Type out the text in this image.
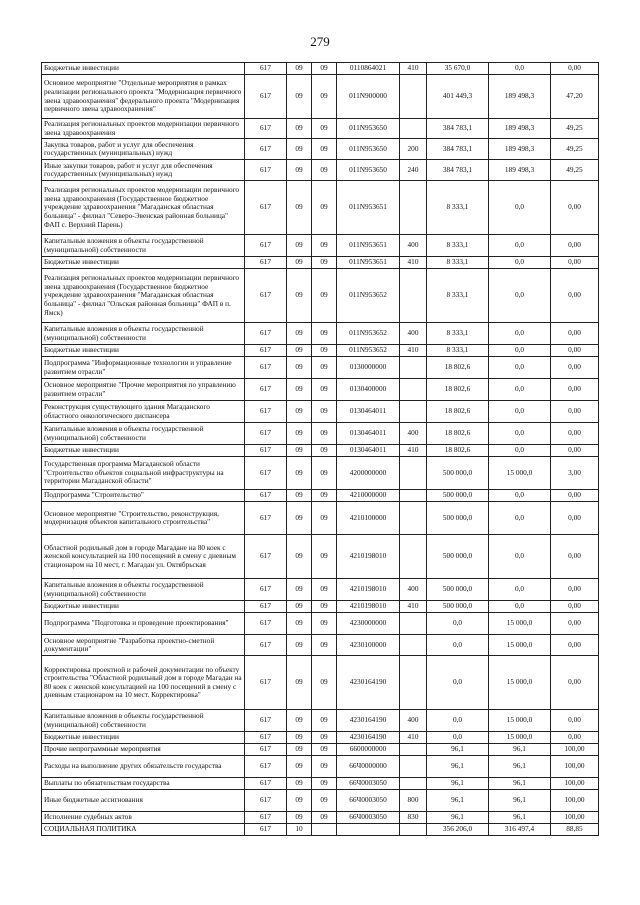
279
Бюджетные инвестиции	617	09	09	0110864021	410	35 670,0	0,0	0,00
Основное мероприятие "Отдельные мероприятия в рамках реализации регионального проекта "Модернизация первичного звена здравоохранения" федерального проекта "Модернизация первичного звена здравоохранения"	617	09	09	011N900000		401 449,3	189 498,3	47,20
Реализация региональных проектов модернизации первичного звена здравоохранения	617	09	09	011N953650		384 783,1	189 498,3	49,25
Закупка товаров, работ и услуг для обеспечения государственных (муниципальных) нужд	617	09	09	011N953650	200	384 783,1	189 498,3	49,25
Иные закупки товаров, работ и услуг для обеспечения государственных (муниципальных) нужд	617	09	09	011N953650	240	384 783,1	189 498,3	49,25
Реализация региональных проектов модернизации первичного звена здравоохранения (Государственное бюджетное учреждение здравоохранения "Магаданская областная больница" - филиал "Северо-Эвенская районная больница" ФАП с. Верхний Парень)	617	09	09	011N953651		8 333,1	0,0	0,00
Капитальные вложения в объекты государственной (муниципальной) собственности	617	09	09	011N953651	400	8 333,1	0,0	0,00
Бюджетные инвестиции	617	09	09	011N953651	410	8 333,1	0,0	0,00
Реализация региональных проектов модернизации первичного звена здравоохранения (Государственное бюджетное учреждение здравоохранения "Магаданская областная больница" - филиал "Ольская районная больница" ФАП в п. Ямск)	617	09	09	011N953652		8 333,1	0,0	0,00
Капитальные вложения в объекты государственной (муниципальной) собственности	617	09	09	011N953652	400	8 333,1	0,0	0,00
Бюджетные инвестиции	617	09	09	011N953652	410	8 333,1	0,0	0,00
Подпрограмма "Информационные технологии и управление развитием отрасли"	617	09	09	0130000000		18 802,6	0,0	0,00
Основное мероприятие "Прочие мероприятия по управлению развитием отрасли"	617	09	09	0130400000		18 802,6	0,0	0,00
Реконструкция существующего здания Магаданского областного онкологического диспансера	617	09	09	0130464011		18 802,6	0,0	0,00
Капитальные вложения в объекты государственной (муниципальной) собственности	617	09	09	0130464011	400	18 802,6	0,0	0,00
Бюджетные инвестиции	617	09	09	0130464011	410	18 802,6	0,0	0,00
Государственная программа Магаданской области "Строительство объектов социальной инфраструктуры на территории Магаданской области"	617	09	09	4200000000		500 000,0	15 000,0	3,00
Подпрограмма "Строительство"	617	09	09	4210000000		500 000,0	0,0	0,00
Основное мероприятие "Строительство, реконструкция, модернизация объектов капитального строительства"	617	09	09	4210100000		500 000,0	0,0	0,00
Областной родильный дом в городе Магадане на 80 коек с женской консультацией на 100 посещений в смену с дневным стационаром на 10 мест, г. Магадан ул. Октябрьская	617	09	09	4210198010		500 000,0	0,0	0,00
Капитальные вложения в объекты государственной (муниципальной) собственности	617	09	09	4210198010	400	500 000,0	0,0	0,00
Бюджетные инвестиции	617	09	09	4210198010	410	500 000,0	0,0	0,00
Подпрограмма "Подготовка и проведение проектирования"	617	09	09	4230000000		0,0	15 000,0	0,00
Основное мероприятие "Разработка проектно-сметной документации"	617	09	09	4230100000		0,0	15 000,0	0,00
Корректировка проектной и рабочей документации по объекту строительства "Областной родильный дом в городе Магадан на 80 коек с женской консультацией на 100 посещений в смену с дневным стационаром на 10 мест. Корректировка"	617	09	09	4230164190		0,0	15 000,0	0,00
Капитальные вложения в объекты государственной (муниципальной) собственности	617	09	09	4230164190	400	0,0	15 000,0	0,00
Бюджетные инвестиции	617	09	09	4230164190	410	0,0	15 000,0	0,00
Прочие непрограммные мероприятия	617	09	09	6600000000		96,1	96,1	100,00
Расходы на выполнение других обязательств государства	617	09	09	66Ч0000000		96,1	96,1	100,00
Выплаты по обязательствам государства	617	09	09	66Ч0003050		96,1	96,1	100,00
Иные бюджетные ассигнования	617	09	09	66Ч0003050	800	96,1	96,1	100,00
Исполнение судебных актов	617	09	09	66Ч0003050	830	96,1	96,1	100,00
СОЦИАЛЬНАЯ ПОЛИТИКА	617	10				356 206,0	316 497,4	88,85
